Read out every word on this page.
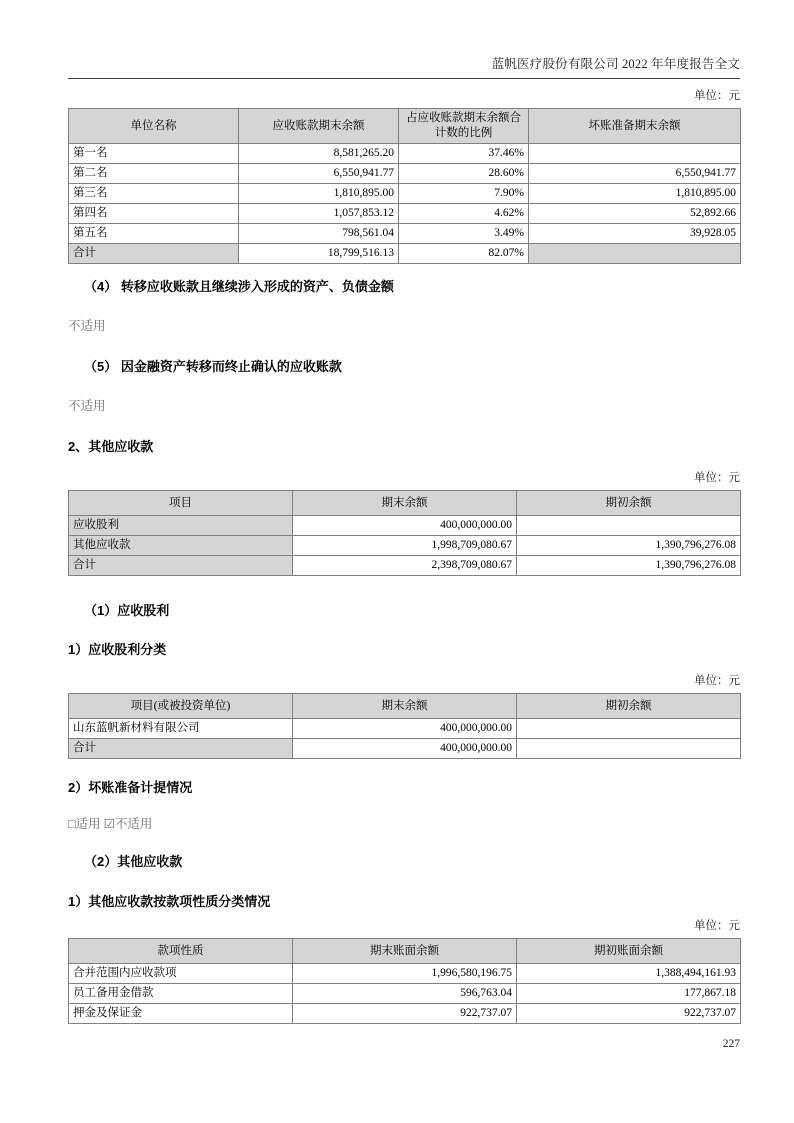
蓝帆医疗股份有限公司 2022 年年度报告全文

单位：元

单位名称	应收账款期末余额	占应收账款期末余额合计数的比例	坏账准备期末余额
第一名	8,581,265.20	37.46%	
第二名	6,550,941.77	28.60%	6,550,941.77
第三名	1,810,895.00	7.90%	1,810,895.00
第四名	1,057,853.12	4.62%	52,892.66
第五名	798,561.04	3.49%	39,928.05
合计	18,799,516.13	82.07%	
（4） 转移应收账款且继续涉入形成的资产、负债金额

不适用

（5） 因金融资产转移而终止确认的应收账款

不适用

2、其他应收款

单位：元

项目	期末余额	期初余额
应收股利	400,000,000.00	
其他应收款	1,998,709,080.67	1,390,796,276.08
合计	2,398,709,080.67	1,390,796,276.08
（1）应收股利
1）应收股利分类

单位：元

项目(或被投资单位)	期末余额	期初余额
山东蓝帆新材料有限公司	400,000,000.00	
合计	400,000,000.00	
2）坏账准备计提情况

□适用 ☑不适用

（2）其他应收款
1）其他应收款按款项性质分类情况

单位：元

款项性质	期末账面余额	期初账面余额
合并范围内应收款项	1,996,580,196.75	1,388,494,161.93
员工备用金借款	596,763.04	177,867.18
押金及保证金	922,737.07	922,737.07
227
